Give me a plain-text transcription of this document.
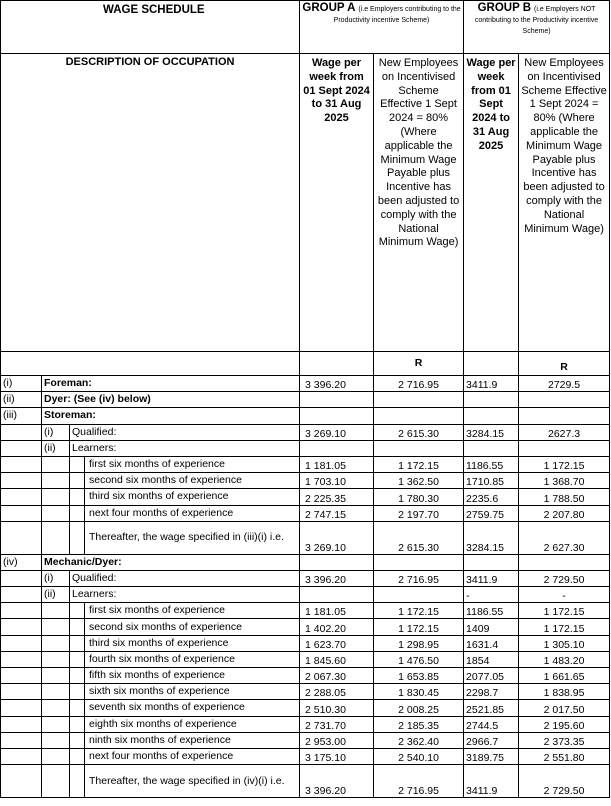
WAGE SCHEDULE				GROUP A (i.e Employers contributing to the Productivity incentive Scheme)		GROUP B (i.e Employers NOT contributing to the Productivity incentive Scheme)	
DESCRIPTION OF OCCUPATION				Wage per week from 01 Sept 2024 to 31 Aug 2025	New Employees on Incentivised Scheme Effective 1 Sept 2024 = 80% (Where applicable the Minimum Wage Payable plus Incentive has been adjusted to comply with the National Minimum Wage)	Wage per week from 01 Sept 2024 to 31 Aug 2025	New Employees on Incentivised Scheme Effective 1 Sept 2024 = 80% (Where applicable the Minimum Wage Payable plus Incentive has been adjusted to comply with the National Minimum Wage)
					R		R
(i)	Foreman:			3 396.20	2 716.95	3411.9	2729.5
(ii)	Dyer: (See (iv) below)						
(iii)	Storeman:						
	(i)	Qualified:		3 269.10	2 615.30	3284.15	2627.3
	(ii)	Learners:					
			first six months of experience	1 181.05	1 172.15	1186.55	1 172.15
			second six months of experience	1 703.10	1 362.50	1710.85	1 368.70
			third six months of experience	2 225.35	1 780.30	2235.6	1 788.50
			next four months of experience	2 747.15	2 197.70	2759.75	2 207.80
			Thereafter, the wage specified in (iii)(i) i.e.	3 269.10	2 615.30	3284.15	2 627.30
(iv)	Mechanic/Dyer:						
	(i)	Qualified:		3 396.20	2 716.95	3411.9	2 729.50
	(ii)	Learners:				-	-
			first six months of experience	1 181.05	1 172.15	1186.55	1 172.15
			second six months of experience	1 402.20	1 172.15	1409	1 172.15
			third six months of experience	1 623.70	1 298.95	1631.4	1 305.10
			fourth six months of experience	1 845.60	1 476.50	1854	1 483.20
			fifth six months of experience	2 067.30	1 653.85	2077.05	1 661.65
			sixth six months of experience	2 288.05	1 830.45	2298.7	1 838.95
			seventh six months of experience	2 510.30	2 008.25	2521.85	2 017.50
			eighth six months of experience	2 731.70	2 185.35	2744.5	2 195.60
			ninth six months of experience	2 953.00	2 362.40	2966.7	2 373.35
			next four months of experience	3 175.10	2 540.10	3189.75	2 551.80
			Thereafter, the wage specified in (iv)(i) i.e.	3 396.20	2 716.95	3411.9	2 729.50
